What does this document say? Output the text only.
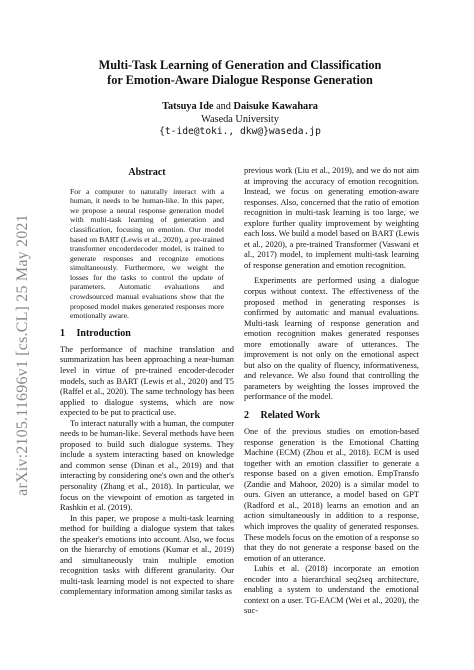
arXiv:2105.11696v1 [cs.CL] 25 May 2021
Multi-Task Learning of Generation and Classification
for Emotion-Aware Dialogue Response Generation
Tatsuya Ide and Daisuke Kawahara
Waseda University
{t-ide@toki., dkw@}waseda.jp
Abstract

For a computer to naturally interact with a human, it needs to be human-like. In this paper, we propose a neural response generation model with multi-task learning of generation and classification, focusing on emotion. Our model based on BART (Lewis et al., 2020), a pre-trained transformer encoderdecoder model, is trained to generate responses and recognize emotions simultaneously. Furthermore, we weight the losses for the tasks to control the update of parameters. Automatic evaluations and crowdsourced manual evaluations show that the proposed model makes generated responses more emotionally aware.

1 Introduction

The performance of machine translation and summarization has been approaching a near-human level in virtue of pre-trained encoder-decoder models, such as BART (Lewis et al., 2020) and T5 (Raffel et al., 2020). The same technology has been applied to dialogue systems, which are now expected to be put to practical use.

To interact naturally with a human, the computer needs to be human-like. Several methods have been proposed to build such dialogue systems. They include a system interacting based on knowledge and common sense (Dinan et al., 2019) and that interacting by considering one's own and the other's personality (Zhang et al., 2018). In particular, we focus on the viewpoint of emotion as targeted in Rashkin et al. (2019).

In this paper, we propose a multi-task learning method for building a dialogue system that takes the speaker's emotions into account. Also, we focus on the hierarchy of emotions (Kumar et al., 2019) and simultaneously train multiple emotion recognition tasks with different granularity. Our multi-task learning model is not expected to share complementary information among similar tasks as

previous work (Liu et al., 2019), and we do not aim at improving the accuracy of emotion recognition. Instead, we focus on generating emotion-aware responses. Also, concerned that the ratio of emotion recognition in multi-task learning is too large, we explore further quality improvement by weighting each loss. We build a model based on BART (Lewis et al., 2020), a pre-trained Transformer (Vaswani et al., 2017) model, to implement multi-task learning of response generation and emotion recognition.

Experiments are performed using a dialogue corpus without context. The effectiveness of the proposed method in generating responses is confirmed by automatic and manual evaluations. Multi-task learning of response generation and emotion recognition makes generated responses more emotionally aware of utterances. The improvement is not only on the emotional aspect but also on the quality of fluency, informativeness, and relevance. We also found that controlling the parameters by weighting the losses improved the performance of the model.

2 Related Work

One of the previous studies on emotion-based response generation is the Emotional Chatting Machine (ECM) (Zhou et al., 2018). ECM is used together with an emotion classifier to generate a response based on a given emotion. EmpTransfo (Zandie and Mahoor, 2020) is a similar model to ours. Given an utterance, a model based on GPT (Radford et al., 2018) learns an emotion and an action simultaneously in addition to a response, which improves the quality of generated responses. These models focus on the emotion of a response so that they do not generate a response based on the emotion of an utterance.

Lubis et al. (2018) incorporate an emotion encoder into a hierarchical seq2seq architecture, enabling a system to understand the emotional context on a user. TG-EACM (Wei et al., 2020), the suc-
